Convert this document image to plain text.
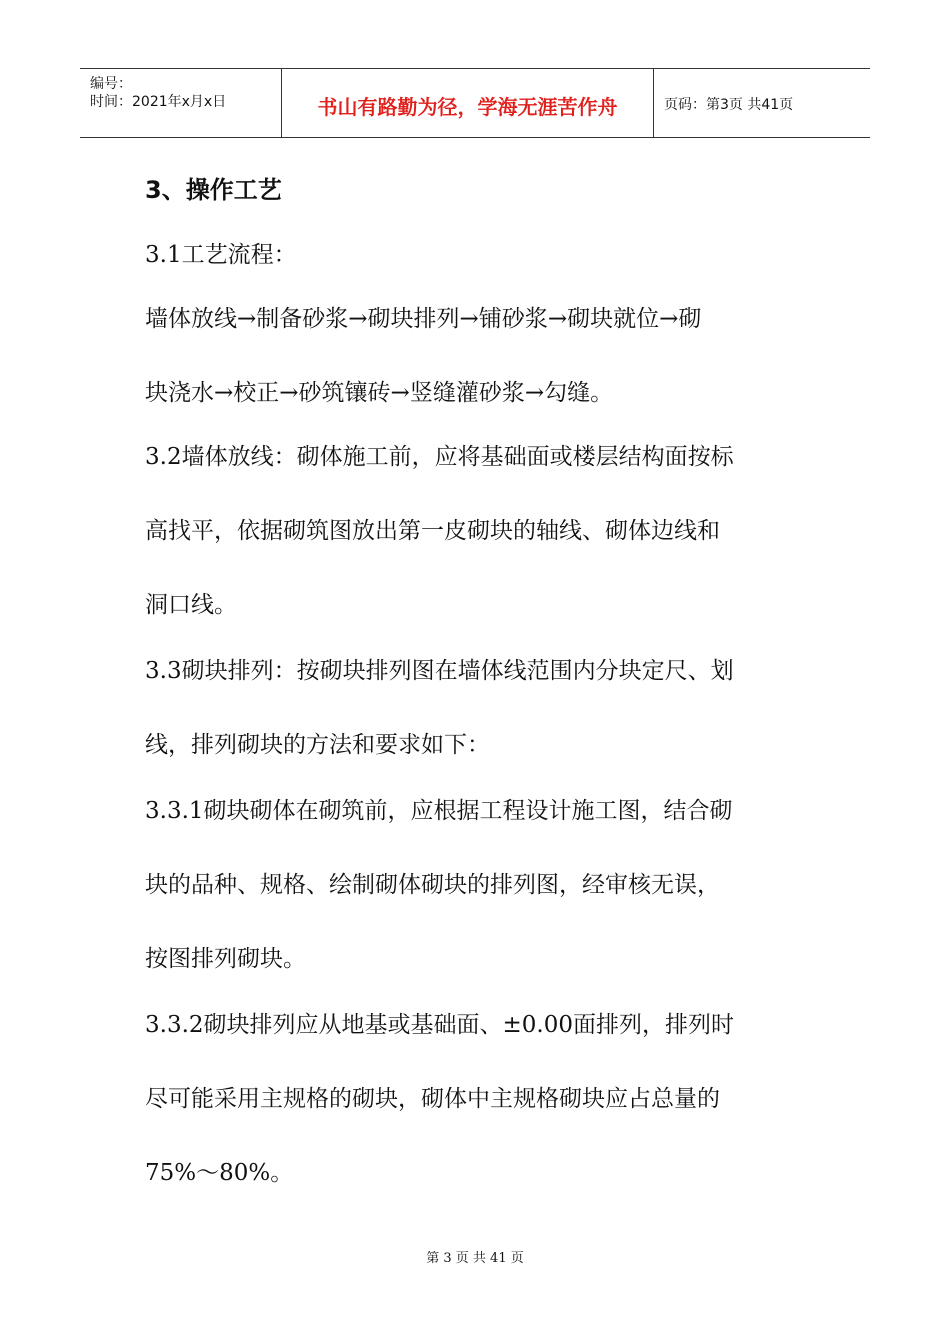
编号：
时间：2021年x月x日	书山有路勤为径，学海无涯苦作舟	页码：第3页 共41页
3、操作工艺
3.1工艺流程：
墙体放线→制备砂浆→砌块排列→铺砂浆→砌块就位→砌
块浇水→校正→砂筑镶砖→竖缝灌砂浆→勾缝。
3.2墙体放线：砌体施工前，应将基础面或楼层结构面按标
高找平，依据砌筑图放出第一皮砌块的轴线、砌体边线和
洞口线。
3.3砌块排列：按砌块排列图在墙体线范围内分块定尺、划
线，排列砌块的方法和要求如下：
3.3.1砌块砌体在砌筑前，应根据工程设计施工图，结合砌
块的品种、规格、绘制砌体砌块的排列图，经审核无误，
按图排列砌块。
3.3.2砌块排列应从地基或基础面、±0.00面排列，排列时
尽可能采用主规格的砌块，砌体中主规格砌块应占总量的
75%～80%。
第 3 页 共 41 页
